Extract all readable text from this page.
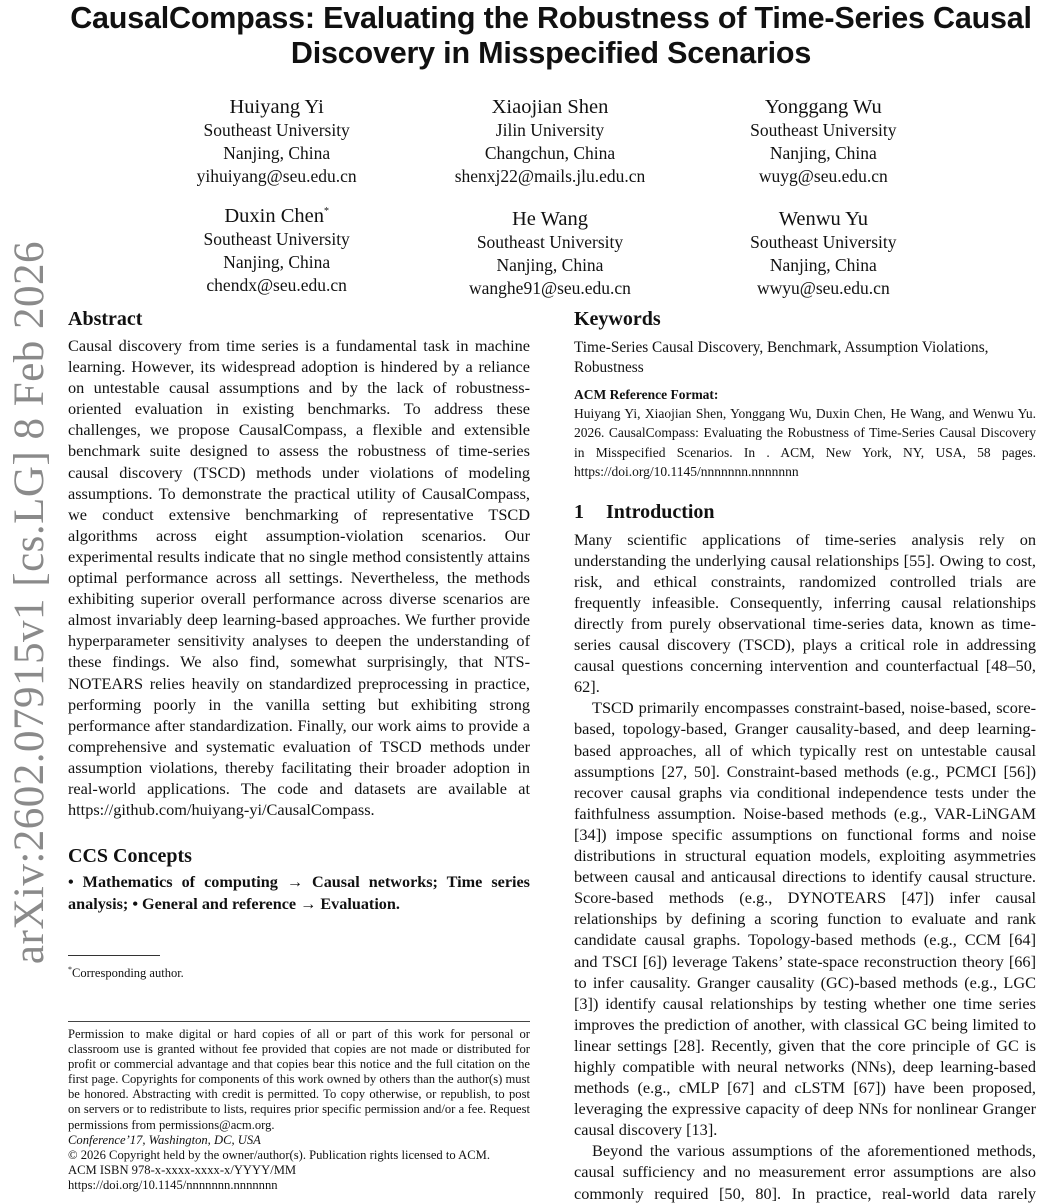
arXiv:2602.07915v1 [cs.LG] 8 Feb 2026
CausalCompass: Evaluating the Robustness of Time-Series Causal Discovery in Misspecified Scenarios
Huiyang Yi
Southeast University
Nanjing, China
yihuiyang@seu.edu.cn
Xiaojian Shen
Jilin University
Changchun, China
shenxj22@mails.jlu.edu.cn
Yonggang Wu
Southeast University
Nanjing, China
wuyg@seu.edu.cn
Duxin Chen*
Southeast University
Nanjing, China
chendx@seu.edu.cn
He Wang
Southeast University
Nanjing, China
wanghe91@seu.edu.cn
Wenwu Yu
Southeast University
Nanjing, China
wwyu@seu.edu.cn
Abstract

Causal discovery from time series is a fundamental task in machine learning. However, its widespread adoption is hindered by a reliance on untestable causal assumptions and by the lack of robustness-oriented evaluation in existing benchmarks. To address these challenges, we propose CausalCompass, a flexible and extensible benchmark suite designed to assess the robustness of time-series causal discovery (TSCD) methods under violations of modeling assumptions. To demonstrate the practical utility of CausalCompass, we conduct extensive benchmarking of representative TSCD algorithms across eight assumption-violation scenarios. Our experimental results indicate that no single method consistently attains optimal performance across all settings. Nevertheless, the methods exhibiting superior overall performance across diverse scenarios are almost invariably deep learning-based approaches. We further provide hyperparameter sensitivity analyses to deepen the understanding of these findings. We also find, somewhat surprisingly, that NTS-NOTEARS relies heavily on standardized preprocessing in practice, performing poorly in the vanilla setting but exhibiting strong performance after standardization. Finally, our work aims to provide a comprehensive and systematic evaluation of TSCD methods under assumption violations, thereby facilitating their broader adoption in real-world applications. The code and datasets are available at https://github.com/huiyang-yi/CausalCompass.

CCS Concepts

• Mathematics of computing → Causal networks; Time series analysis; • General and reference → Evaluation.

*Corresponding author.

Permission to make digital or hard copies of all or part of this work for personal or classroom use is granted without fee provided that copies are not made or distributed for profit or commercial advantage and that copies bear this notice and the full citation on the first page. Copyrights for components of this work owned by others than the author(s) must be honored. Abstracting with credit is permitted. To copy otherwise, or republish, to post on servers or to redistribute to lists, requires prior specific permission and/or a fee. Request permissions from permissions@acm.org.

Conference’17, Washington, DC, USA
© 2026 Copyright held by the owner/author(s). Publication rights licensed to ACM.
ACM ISBN 978-x-xxxx-xxxx-x/YYYY/MM
https://doi.org/10.1145/nnnnnnn.nnnnnnn
Keywords

Time-Series Causal Discovery, Benchmark, Assumption Violations, Robustness

ACM Reference Format:

Huiyang Yi, Xiaojian Shen, Yonggang Wu, Duxin Chen, He Wang, and Wenwu Yu. 2026. CausalCompass: Evaluating the Robustness of Time-Series Causal Discovery in Misspecified Scenarios. In . ACM, New York, NY, USA, 58 pages. https://doi.org/10.1145/nnnnnnn.nnnnnnn

1 Introduction

Many scientific applications of time-series analysis rely on understanding the underlying causal relationships [55]. Owing to cost, risk, and ethical constraints, randomized controlled trials are frequently infeasible. Consequently, inferring causal relationships directly from purely observational time-series data, known as time-series causal discovery (TSCD), plays a critical role in addressing causal questions concerning intervention and counterfactual [48–50, 62].

TSCD primarily encompasses constraint-based, noise-based, score-based, topology-based, Granger causality-based, and deep learning-based approaches, all of which typically rest on untestable causal assumptions [27, 50]. Constraint-based methods (e.g., PCMCI [56]) recover causal graphs via conditional independence tests under the faithfulness assumption. Noise-based methods (e.g., VAR-LiNGAM [34]) impose specific assumptions on functional forms and noise distributions in structural equation models, exploiting asymmetries between causal and anticausal directions to identify causal structure. Score-based methods (e.g., DYNOTEARS [47]) infer causal relationships by defining a scoring function to evaluate and rank candidate causal graphs. Topology-based methods (e.g., CCM [64] and TSCI [6]) leverage Takens’ state-space reconstruction theory [66] to infer causality. Granger causality (GC)-based methods (e.g., LGC [3]) identify causal relationships by testing whether one time series improves the prediction of another, with classical GC being limited to linear settings [28]. Recently, given that the core principle of GC is highly compatible with neural networks (NNs), deep learning-based methods (e.g., cMLP [67] and cLSTM [67]) have been proposed, leveraging the expressive capacity of deep NNs for nonlinear Granger causal discovery [13].

Beyond the various assumptions of the aforementioned methods, causal sufficiency and no measurement error assumptions are also commonly required [50, 80]. In practice, real-world data rarely
